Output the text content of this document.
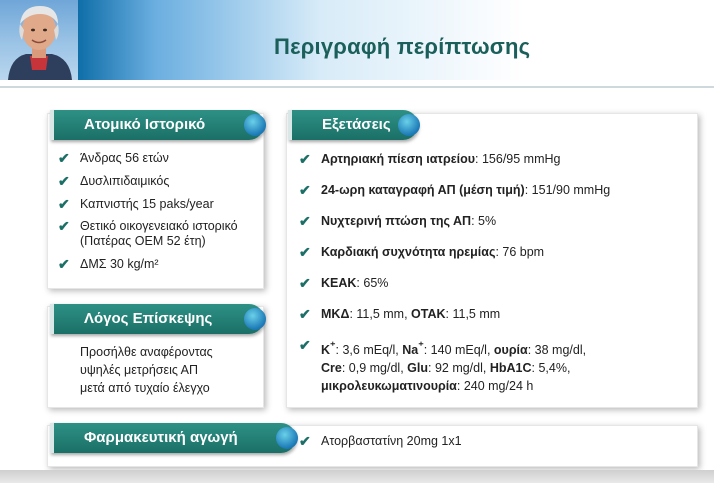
Περιγραφή περίπτωσης
Ατομικό Ιστορικό
✔ Άνδρας 56 ετών
✔ Δυσλιπιδαιμικός
✔ Καπνιστής 15 paks/year
✔ Θετικό οικογενειακό ιστορικό
(Πατέρας ΟΕΜ 52 έτη)
✔ ΔΜΣ 30 kg/m²
Λόγος Επίσκεψης
Προσήλθε αναφέροντας
υψηλές μετρήσεις ΑΠ
μετά από τυχαίο έλεγχο
Εξετάσεις
✔ Αρτηριακή πίεση ιατρείου: 156/95 mmHg
✔ 24-ωρη καταγραφή ΑΠ (μέση τιμή): 151/90 mmHg
✔ Νυχτερινή πτώση της ΑΠ: 5%
✔ Καρδιακή συχνότητα ηρεμίας: 76 bpm
✔ ΚΕΑΚ: 65%
✔ ΜΚΔ: 11,5 mm, ΟΤΑΚ: 11,5 mm
✔ K⁺: 3,6 mEq/l, Na⁺: 140 mEq/l, ουρία: 38 mg/dl,
Cre: 0,9 mg/dl, Glu: 92 mg/dl, HbA1C: 5,4%,
μικρολευκωματινουρία: 240 mg/24 h
Φαρμακευτική αγωγή	✔ Ατορβαστατίνη 20mg 1x1
